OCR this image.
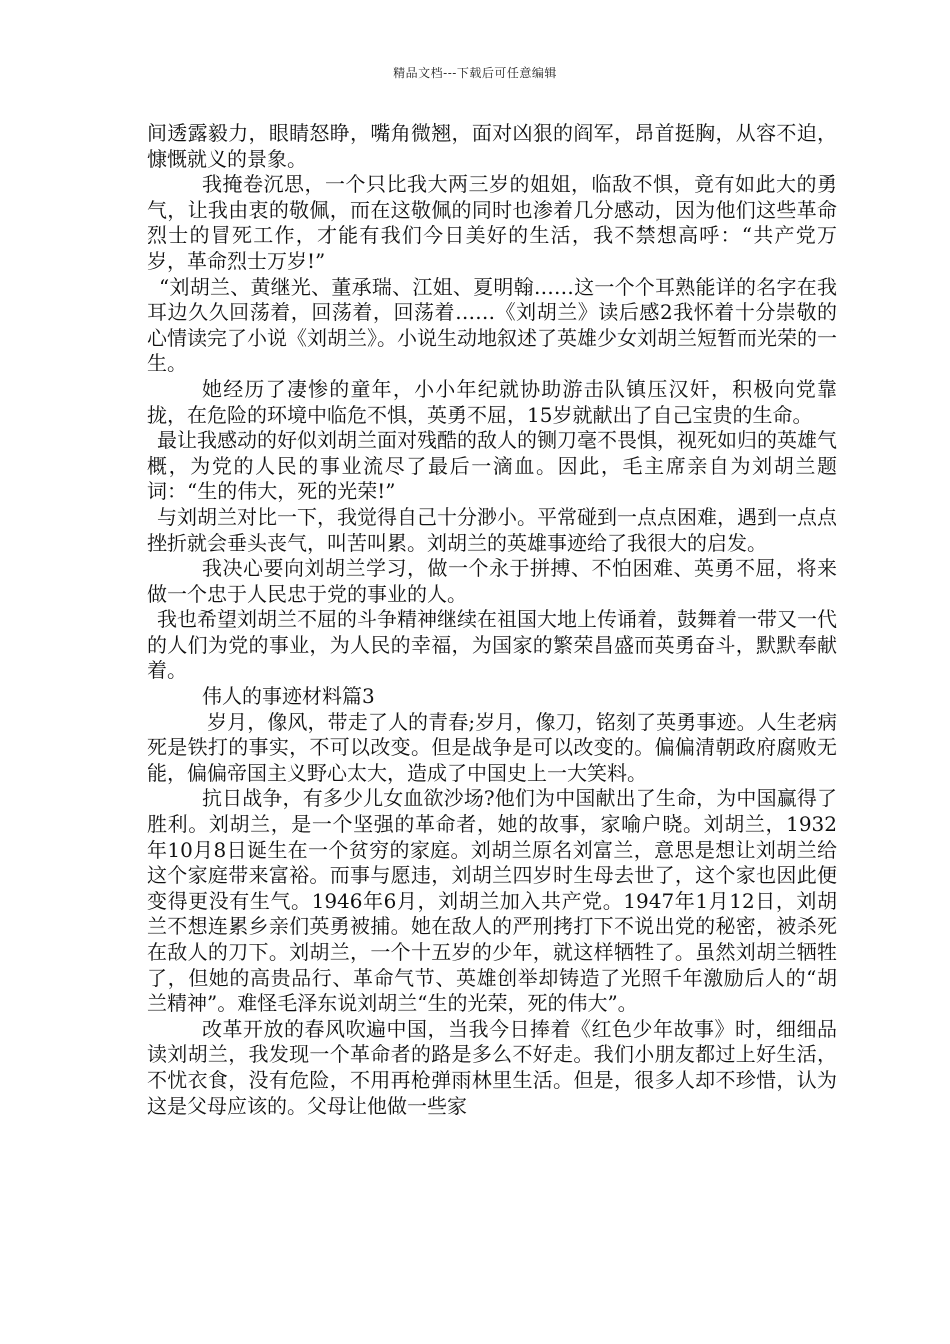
精品文档---下载后可任意编辑

间透露毅力，眼睛怒睁，嘴角微翘，面对凶狠的阎军，昂首挺胸，从容不迫，慷慨就义的景象。

我掩卷沉思，一个只比我大两三岁的姐姐，临敌不惧，竟有如此大的勇气，让我由衷的敬佩，而在这敬佩的同时也渗着几分感动，因为他们这些革命烈士的冒死工作，才能有我们今日美好的生活，我不禁想高呼：“共产党万岁，革命烈士万岁!”

“刘胡兰、黄继光、董承瑞、江姐、夏明翰……这一个个耳熟能详的名字在我耳边久久回荡着，回荡着，回荡着……《刘胡兰》读后感2我怀着十分崇敬的心情读完了小说《刘胡兰》。小说生动地叙述了英雄少女刘胡兰短暂而光荣的一生。

她经历了凄惨的童年，小小年纪就协助游击队镇压汉奸，积极向党靠拢，在危险的环境中临危不惧，英勇不屈，15岁就献出了自己宝贵的生命。

最让我感动的好似刘胡兰面对残酷的敌人的铡刀毫不畏惧，视死如归的英雄气概，为党的人民的事业流尽了最后一滴血。因此，毛主席亲自为刘胡兰题词：“生的伟大，死的光荣!”

与刘胡兰对比一下，我觉得自己十分渺小。平常碰到一点点困难，遇到一点点挫折就会垂头丧气，叫苦叫累。刘胡兰的英雄事迹给了我很大的启发。

我决心要向刘胡兰学习，做一个永于拼搏、不怕困难、英勇不屈，将来做一个忠于人民忠于党的事业的人。

我也希望刘胡兰不屈的斗争精神继续在祖国大地上传诵着，鼓舞着一带又一代的人们为党的事业，为人民的幸福，为国家的繁荣昌盛而英勇奋斗，默默奉献着。

伟人的事迹材料篇3

岁月，像风，带走了人的青春;岁月，像刀，铭刻了英勇事迹。人生老病死是铁打的事实，不可以改变。但是战争是可以改变的。偏偏清朝政府腐败无能，偏偏帝国主义野心太大，造成了中国史上一大笑料。

抗日战争，有多少儿女血欲沙场?他们为中国献出了生命，为中国赢得了胜利。刘胡兰，是一个坚强的革命者，她的故事，家喻户晓。刘胡兰，1932年10月8日诞生在一个贫穷的家庭。刘胡兰原名刘富兰，意思是想让刘胡兰给这个家庭带来富裕。而事与愿违，刘胡兰四岁时生母去世了，这个家也因此便变得更没有生气。1946年6月，刘胡兰加入共产党。1947年1月12日，刘胡兰不想连累乡亲们英勇被捕。她在敌人的严刑拷打下不说出党的秘密，被杀死在敌人的刀下。刘胡兰，一个十五岁的少年，就这样牺牲了。虽然刘胡兰牺牲了，但她的高贵品行、革命气节、英雄创举却铸造了光照千年激励后人的“胡兰精神”。难怪毛泽东说刘胡兰“生的光荣，死的伟大”。

改革开放的春风吹遍中国，当我今日捧着《红色少年故事》时，细细品读刘胡兰，我发现一个革命者的路是多么不好走。我们小朋友都过上好生活，不忧衣食，没有危险，不用再枪弹雨林里生活。但是，很多人却不珍惜，认为这是父母应该的。父母让他做一些家
